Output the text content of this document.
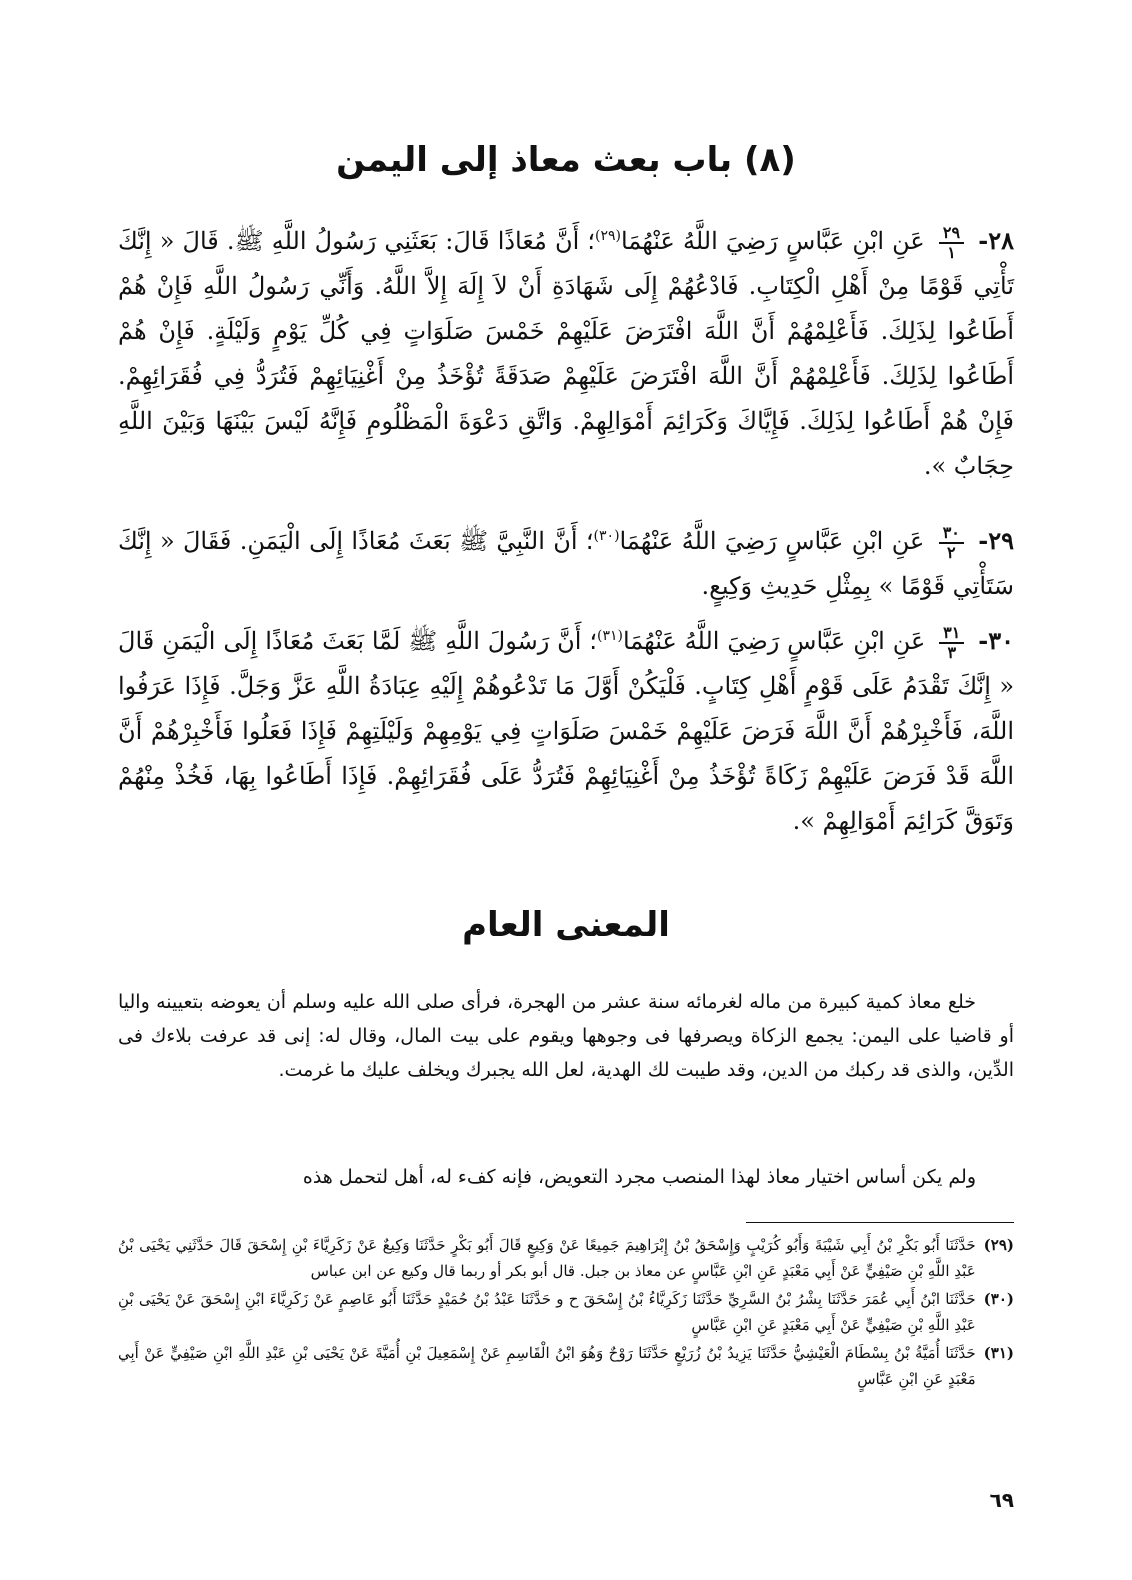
(٨) باب بعث معاذ إلى اليمن
٢٨-
$\frac{٢٩}{١}$
عَنِ ابْنِ عَبَّاسٍ رَضِيَ اللَّهُ عَنْهُمَا$^{(٢٩)}$؛ أَنَّ مُعَاذًا قَالَ: بَعَثَنِي رَسُولُ اللَّهِ ﷺ. قَالَ « إِنَّكَ تَأْتِي قَوْمًا مِنْ أَهْلِ الْكِتَابِ. فَادْعُهُمْ إِلَى شَهَادَةِ أَنْ لاَ إِلَهَ إِلاَّ اللَّهُ. وَأَنِّي رَسُولُ اللَّهِ فَإِنْ هُمْ أَطَاعُوا لِذَلِكَ. فَأَعْلِمْهُمْ أَنَّ اللَّهَ افْتَرَضَ عَلَيْهِمْ خَمْسَ صَلَوَاتٍ فِي كُلِّ يَوْمٍ وَلَيْلَةٍ. فَإِنْ هُمْ أَطَاعُوا لِذَلِكَ. فَأَعْلِمْهُمْ أَنَّ اللَّهَ افْتَرَضَ عَلَيْهِمْ صَدَقَةً تُؤْخَذُ مِنْ أَغْنِيَائِهِمْ فَتُرَدُّ فِي فُقَرَائِهِمْ. فَإِنْ هُمْ أَطَاعُوا لِذَلِكَ. فَإِيَّاكَ وَكَرَائِمَ أَمْوَالِهِمْ. وَاتَّقِ دَعْوَةَ الْمَظْلُومِ فَإِنَّهُ لَيْسَ بَيْنَهَا وَبَيْنَ اللَّهِ حِجَابٌ ».
٢٩-
$\frac{٣٠}{٢}$
عَنِ ابْنِ عَبَّاسٍ رَضِيَ اللَّهُ عَنْهُمَا$^{(٣٠)}$؛ أَنَّ النَّبِيَّ ﷺ بَعَثَ مُعَاذًا إِلَى الْيَمَنِ. فَقَالَ « إِنَّكَ سَتَأْتِي قَوْمًا » بِمِثْلِ حَدِيثِ وَكِيعٍ.
٣٠-
$\frac{٣١}{٣}$
عَنِ ابْنِ عَبَّاسٍ رَضِيَ اللَّهُ عَنْهُمَا$^{(٣١)}$؛ أَنَّ رَسُولَ اللَّهِ ﷺ لَمَّا بَعَثَ مُعَاذًا إِلَى الْيَمَنِ قَالَ « إِنَّكَ تَقْدَمُ عَلَى قَوْمٍ أَهْلِ كِتَابٍ. فَلْيَكُنْ أَوَّلَ مَا تَدْعُوهُمْ إِلَيْهِ عِبَادَةُ اللَّهِ عَزَّ وَجَلَّ. فَإِذَا عَرَفُوا اللَّهَ، فَأَخْبِرْهُمْ أَنَّ اللَّهَ فَرَضَ عَلَيْهِمْ خَمْسَ صَلَوَاتٍ فِي يَوْمِهِمْ وَلَيْلَتِهِمْ فَإِذَا فَعَلُوا فَأَخْبِرْهُمْ أَنَّ اللَّهَ قَدْ فَرَضَ عَلَيْهِمْ زَكَاةً تُؤْخَذُ مِنْ أَغْنِيَائِهِمْ فَتُرَدُّ عَلَى فُقَرَائِهِمْ. فَإِذَا أَطَاعُوا بِهَا، فَخُذْ مِنْهُمْ وَتَوَقَّ كَرَائِمَ أَمْوَالِهِمْ ».
المعنى العام

خلع معاذ كمية كبيرة من ماله لغرمائه سنة عشر من الهجرة، فرأى صلى الله عليه وسلم أن يعوضه بتعيينه واليا أو قاضيا على اليمن: يجمع الزكاة ويصرفها فى وجوهها ويقوم على بيت المال، وقال له: إنى قد عرفت بلاءك فى الدِّين، والذى قد ركبك من الدين، وقد طيبت لك الهدية، لعل الله يجبرك ويخلف عليك ما غرمت.

ولم يكن أساس اختيار معاذ لهذا المنصب مجرد التعويض، فإنه كفء له، أهل لتحمل هذه

(٢٩)
حَدَّثَنَا أَبُو بَكْرِ بْنُ أَبِي شَيْبَةَ وَأَبُو كُرَيْبٍ وَإِسْحَقُ بْنُ إِبْرَاهِيمَ جَمِيعًا عَنْ وَكِيعٍ قَالَ أَبُو بَكْرٍ حَدَّثَنَا وَكِيعٌ عَنْ زَكَرِيَّاءَ بْنِ إِسْحَقَ قَالَ حَدَّثَنِي يَحْيَى بْنُ عَبْدِ اللَّهِ بْنِ صَيْفِيٍّ عَنْ أَبِي مَعْبَدٍ عَنِ ابْنِ عَبَّاسٍ عن معاذ بن جبل. قال أبو بكر أو ربما قال وكيع عن ابن عباس
(٣٠)
حَدَّثَنَا ابْنُ أَبِي عُمَرَ حَدَّثَنَا بِشْرُ بْنُ السَّرِيِّ حَدَّثَنَا زَكَرِيَّاءُ بْنُ إِسْحَقَ ح و حَدَّثَنَا عَبْدُ بْنُ حُمَيْدٍ حَدَّثَنَا أَبُو عَاصِمٍ عَنْ زَكَرِيَّاءَ ابْنِ إِسْحَقَ عَنْ يَحْيَى بْنِ عَبْدِ اللَّهِ بْنِ صَيْفِيٍّ عَنْ أَبِي مَعْبَدٍ عَنِ ابْنِ عَبَّاسٍ
(٣١)
حَدَّثَنَا أُمَيَّةُ بْنُ بِسْطَامَ الْعَيْشِيُّ حَدَّثَنَا يَزِيدُ بْنُ زُرَيْعٍ حَدَّثَنَا رَوْحٌ وَهُوَ ابْنُ الْقَاسِمِ عَنْ إِسْمَعِيلَ بْنِ أُمَيَّةَ عَنْ يَحْيَى بْنِ عَبْدِ اللَّهِ ابْنِ صَيْفِيٍّ عَنْ أَبِي مَعْبَدٍ عَنِ ابْنِ عَبَّاسٍ
٦٩
